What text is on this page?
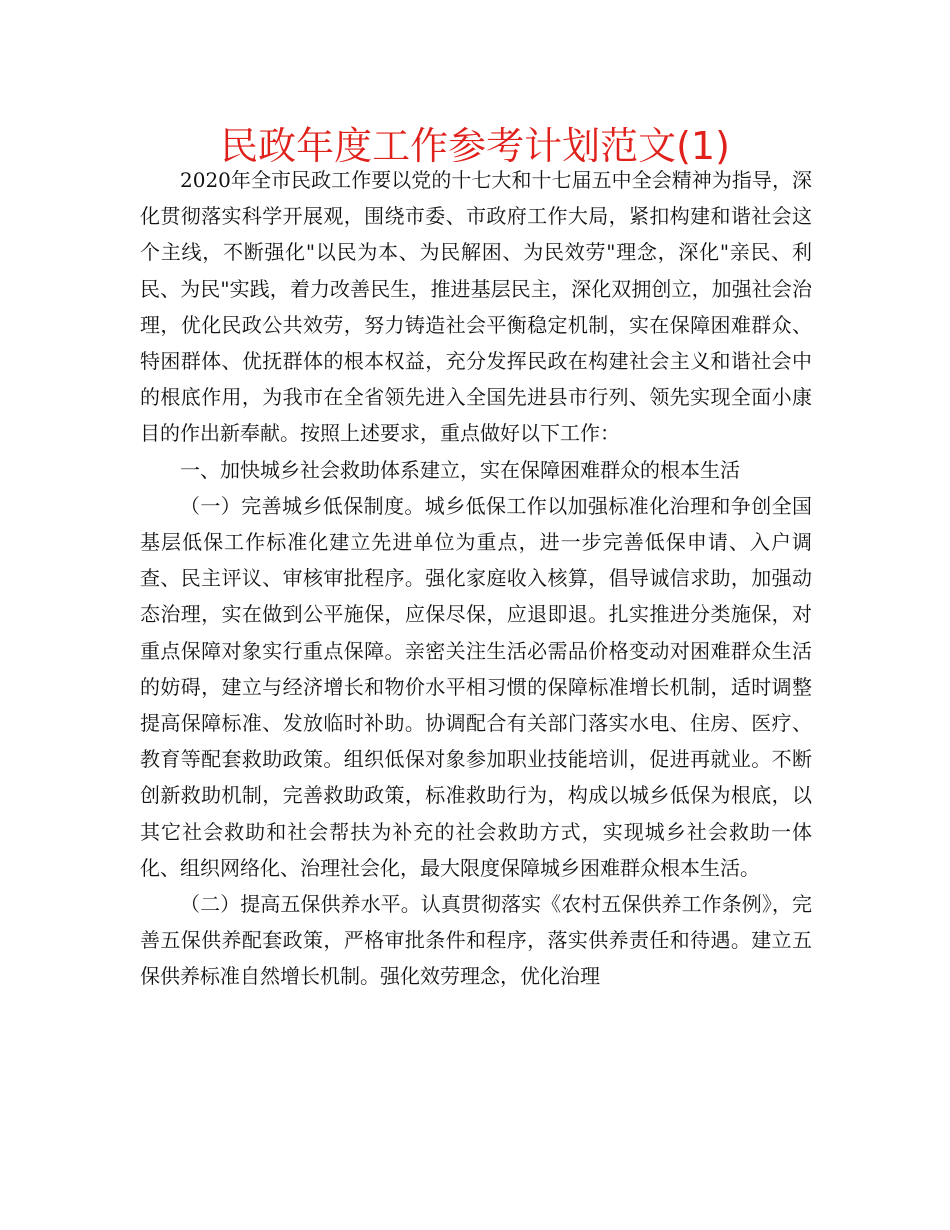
民政年度工作参考计划范文(1)

2020年全市民政工作要以党的十七大和十七届五中全会精神为指导，深化贯彻落实科学开展观，围绕市委、市政府工作大局，紧扣构建和谐社会这个主线，不断强化"以民为本、为民解困、为民效劳"理念，深化"亲民、利民、为民"实践，着力改善民生，推进基层民主，深化双拥创立，加强社会治理，优化民政公共效劳，努力铸造社会平衡稳定机制，实在保障困难群众、特困群体、优抚群体的根本权益，充分发挥民政在构建社会主义和谐社会中的根底作用，为我市在全省领先进入全国先进县市行列、领先实现全面小康目的作出新奉献。按照上述要求，重点做好以下工作：

一、加快城乡社会救助体系建立，实在保障困难群众的根本生活

（一）完善城乡低保制度。城乡低保工作以加强标准化治理和争创全国基层低保工作标准化建立先进单位为重点，进一步完善低保申请、入户调查、民主评议、审核审批程序。强化家庭收入核算，倡导诚信求助，加强动态治理，实在做到公平施保，应保尽保，应退即退。扎实推进分类施保，对重点保障对象实行重点保障。亲密关注生活必需品价格变动对困难群众生活的妨碍，建立与经济增长和物价水平相习惯的保障标准增长机制，适时调整提高保障标准、发放临时补助。协调配合有关部门落实水电、住房、医疗、教育等配套救助政策。组织低保对象参加职业技能培训，促进再就业。不断创新救助机制，完善救助政策，标准救助行为，构成以城乡低保为根底，以其它社会救助和社会帮扶为补充的社会救助方式，实现城乡社会救助一体化、组织网络化、治理社会化，最大限度保障城乡困难群众根本生活。

（二）提高五保供养水平。认真贯彻落实《农村五保供养工作条例》，完善五保供养配套政策，严格审批条件和程序，落实供养责任和待遇。建立五保供养标准自然增长机制。强化效劳理念，优化治理
